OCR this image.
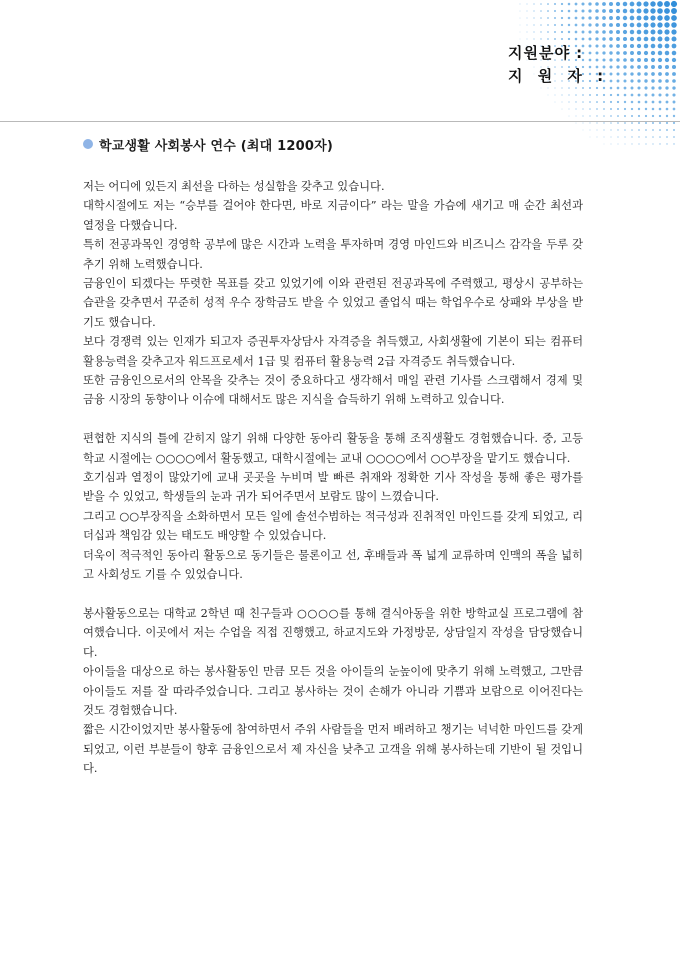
지원분야 :
지 원 자 :
학교생활 사회봉사 연수 (최대 1200자)

저는 어디에 있든지 최선을 다하는 성실함을 갖추고 있습니다.

대학시절에도 저는 “승부를 걸어야 한다면, 바로 지금이다” 라는 말을 가슴에 새기고 매 순간 최선과 열정을 다했습니다.

특히 전공과목인 경영학 공부에 많은 시간과 노력을 투자하며 경영 마인드와 비즈니스 감각을 두루 갖추기 위해 노력했습니다.

금융인이 되겠다는 뚜렷한 목표를 갖고 있었기에 이와 관련된 전공과목에 주력했고, 평상시 공부하는 습관을 갖추면서 꾸준히 성적 우수 장학금도 받을 수 있었고 졸업식 때는 학업우수로 상패와 부상을 받기도 했습니다.

보다 경쟁력 있는 인재가 되고자 증권투자상담사 자격증을 취득했고, 사회생활에 기본이 되는 컴퓨터 활용능력을 갖추고자 워드프로세서 1급 및 컴퓨터 활용능력 2급 자격증도 취득했습니다.

또한 금융인으로서의 안목을 갖추는 것이 중요하다고 생각해서 매일 관련 기사를 스크랩해서 경제 및 금융 시장의 동향이나 이슈에 대해서도 많은 지식을 습득하기 위해 노력하고 있습니다.

편협한 지식의 틀에 갇히지 않기 위해 다양한 동아리 활동을 통해 조직생활도 경험했습니다. 중, 고등학교 시절에는 ○○○○에서 활동했고, 대학시절에는 교내 ○○○○에서 ○○부장을 맡기도 했습니다.

호기심과 열정이 많았기에 교내 곳곳을 누비며 발 빠른 취재와 정확한 기사 작성을 통해 좋은 평가를 받을 수 있었고, 학생들의 눈과 귀가 되어주면서 보람도 많이 느꼈습니다.

그리고 ○○부장직을 소화하면서 모든 일에 솔선수범하는 적극성과 진취적인 마인드를 갖게 되었고, 리더십과 책임감 있는 태도도 배양할 수 있었습니다.

더욱이 적극적인 동아리 활동으로 동기들은 물론이고 선, 후배들과 폭 넓게 교류하며 인맥의 폭을 넓히고 사회성도 기를 수 있었습니다.

봉사활동으로는 대학교 2학년 때 친구들과 ○○○○를 통해 결식아동을 위한 방학교실 프로그램에 참여했습니다. 이곳에서 저는 수업을 직접 진행했고, 하교지도와 가정방문, 상담일지 작성을 담당했습니다.

아이들을 대상으로 하는 봉사활동인 만큼 모든 것을 아이들의 눈높이에 맞추기 위해 노력했고, 그만큼 아이들도 저를 잘 따라주었습니다. 그리고 봉사하는 것이 손해가 아니라 기쁨과 보람으로 이어진다는 것도 경험했습니다.

짧은 시간이었지만 봉사활동에 참여하면서 주위 사람들을 먼저 배려하고 챙기는 넉넉한 마인드를 갖게 되었고, 이런 부분들이 향후 금융인으로서 제 자신을 낮추고 고객을 위해 봉사하는데 기반이 될 것입니다.
